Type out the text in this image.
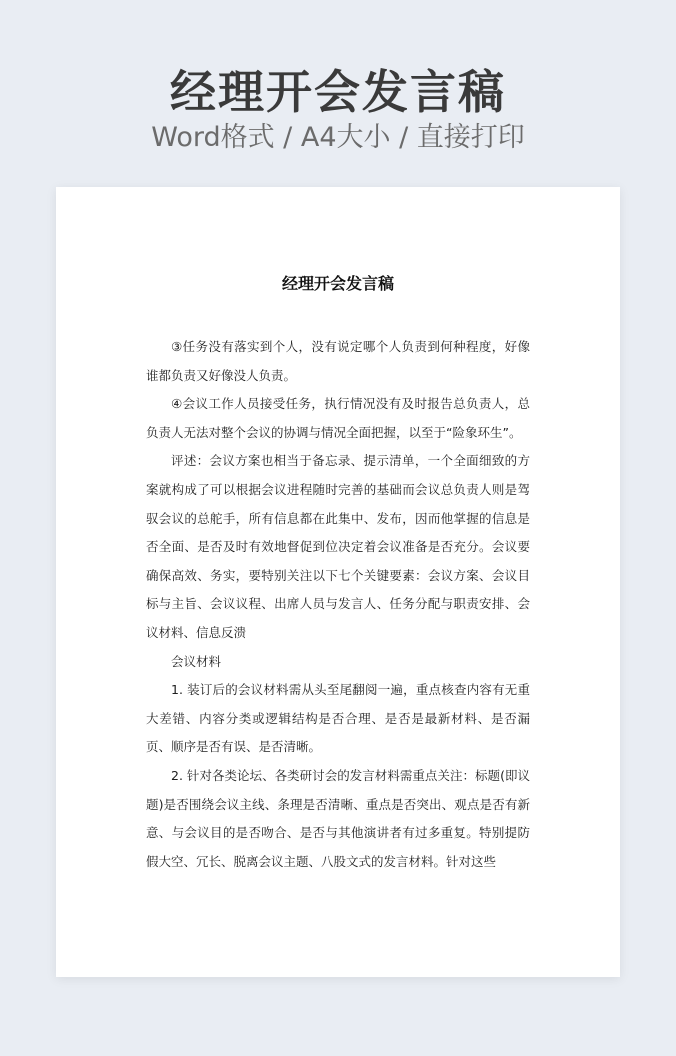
经理开会发言稿
Word格式 / A4大小 / 直接打印
经理开会发言稿

③任务没有落实到个人，没有说定哪个人负责到何种程度，好像谁都负责又好像没人负责。

④会议工作人员接受任务，执行情况没有及时报告总负责人，总负责人无法对整个会议的协调与情况全面把握，以至于“险象环生”。

评述：会议方案也相当于备忘录、提示清单，一个全面细致的方案就构成了可以根据会议进程随时完善的基础而会议总负责人则是驾驭会议的总舵手，所有信息都在此集中、发布，因而他掌握的信息是否全面、是否及时有效地督促到位决定着会议准备是否充分。会议要确保高效、务实，要特别关注以下七个关键要素：会议方案、会议目标与主旨、会议议程、出席人员与发言人、任务分配与职责安排、会议材料、信息反溃

会议材料

1. 装订后的会议材料需从头至尾翻阅一遍，重点核查内容有无重大差错、内容分类或逻辑结构是否合理、是否是最新材料、是否漏页、顺序是否有误、是否清晰。

2. 针对各类论坛、各类研讨会的发言材料需重点关注：标题(即议题)是否围绕会议主线、条理是否清晰、重点是否突出、观点是否有新意、与会议目的是否吻合、是否与其他演讲者有过多重复。特别提防假大空、冗长、脱离会议主题、八股文式的发言材料。针对这些
